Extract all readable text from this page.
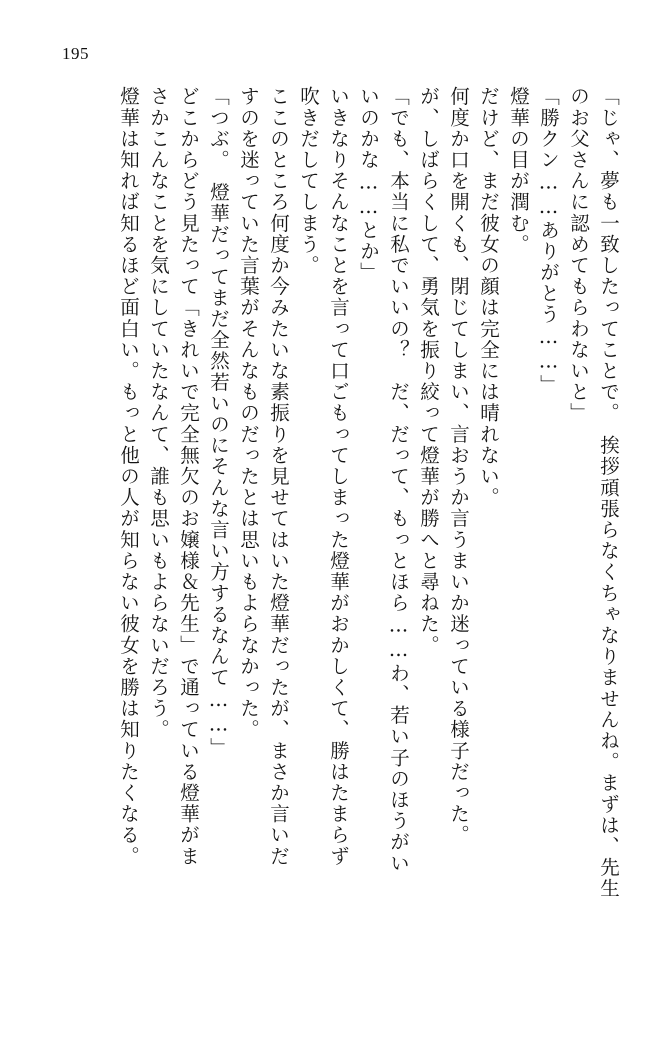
195
「じゃ、夢も一致したってことで。　挨拶頑張らなくちゃなりませんね。まずは、先生
のお父さんに認めてもらわないと」
「勝クン……ありがとう……」
燈華の目が潤む。
だけど、まだ彼女の顔は完全には晴れない。
何度か口を開くも、閉じてしまい、言おうか言うまいか迷っている様子だった。
が、しばらくして、勇気を振り絞って燈華が勝へと尋ねた。
「でも、本当に私でいいの？　だ、だって、もっとほら……わ、若い子のほうがい
いのかな……とか」
いきなりそんなことを言って口ごもってしまった燈華がおかしくて、勝はたまらず
吹きだしてしまう。
ここのところ何度か今みたいな素振りを見せてはいた燈華だったが、まさか言いだ
すのを迷っていた言葉がそんなものだったとは思いもよらなかった。
「つぶ。　燈華だってまだ全然若いのにそんな言い方するなんて……」
どこからどう見たって「きれいで完全無欠のお嬢様＆先生」で通っている燈華がま
さかこんなことを気にしていたなんて、誰も思いもよらないだろう。
燈華は知れば知るほど面白い。もっと他の人が知らない彼女を勝は知りたくなる。
